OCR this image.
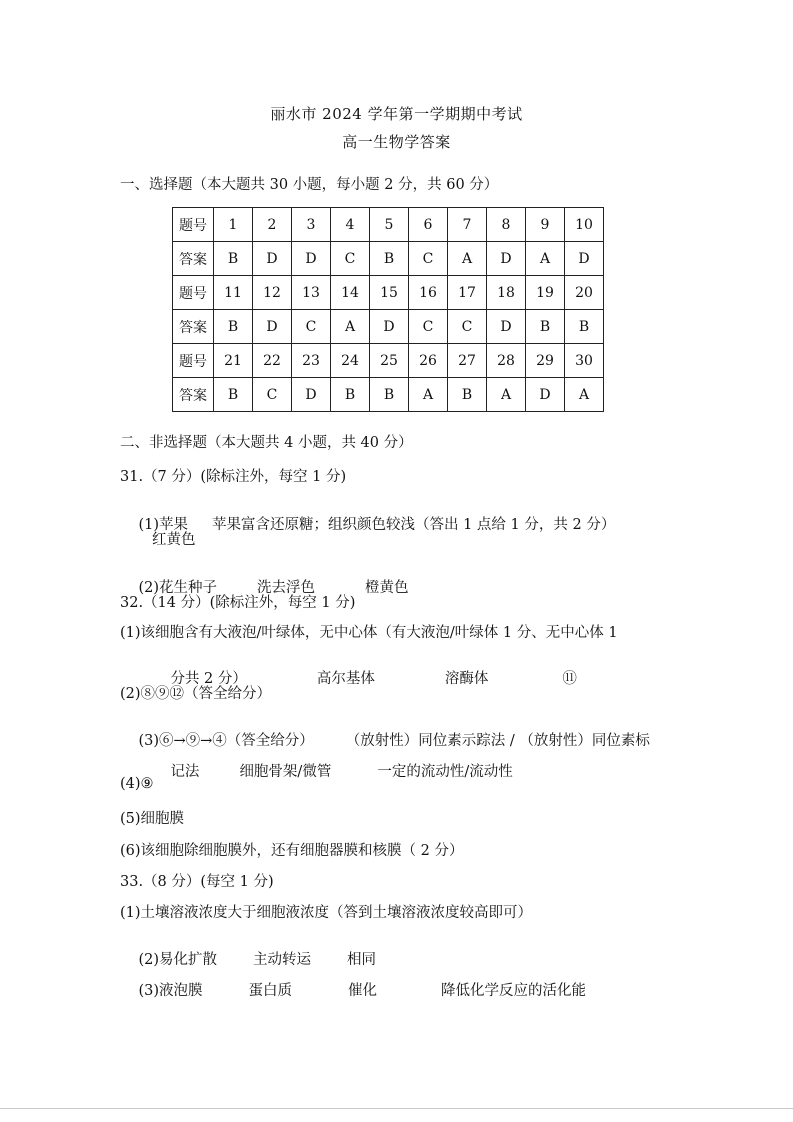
丽水市 2024 学年第一学期期中考试
高一生物学答案
一、选择题（本大题共 30 小题，每小题 2 分，共 60 分）
题号	1	2	3	4	5	6	7	8	9	10
答案	B	D	D	C	B	C	A	D	A	D
题号	11	12	13	14	15	16	17	18	19	20
答案	B	D	C	A	D	C	C	D	B	B
题号	21	22	23	24	25	26	27	28	29	30
答案	B	C	D	B	B	A	B	A	D	A
二、非选择题（本大题共 4 小题，共 40 分）
31.（7 分）(除标注外，每空 1 分)

(1)苹果 苹果富含还原糖；组织颜色较浅（答出 1 点给 1 分，共 2 分）

红黄色

(2)花生种子	洗去浮色	橙黄色

32.（14 分）(除标注外，每空 1 分)
(1)该细胞含有大液泡/叶绿体，无中心体（有大液泡/叶绿体 1 分、无中心体 1

分共 2 分）	高尔基体	溶酶体	⑪

(2)⑧⑨⑫（答全给分）

(3)⑥→⑨→④（答全给分） （放射性）同位素示踪法 / （放射性）同位素标

记法	细胞骨架/微管	一定的流动性/流动性

(4)⑨
(5)细胞膜
(6)该细胞除细胞膜外，还有细胞器膜和核膜（ 2 分）
33.（8 分）(每空 1 分)
(1)土壤溶液浓度大于细胞液浓度（答到土壤溶液浓度较高即可）

(2)易化扩散 主动转运 相同

(3)液泡膜	蛋白质	催化	降低化学反应的活化能
